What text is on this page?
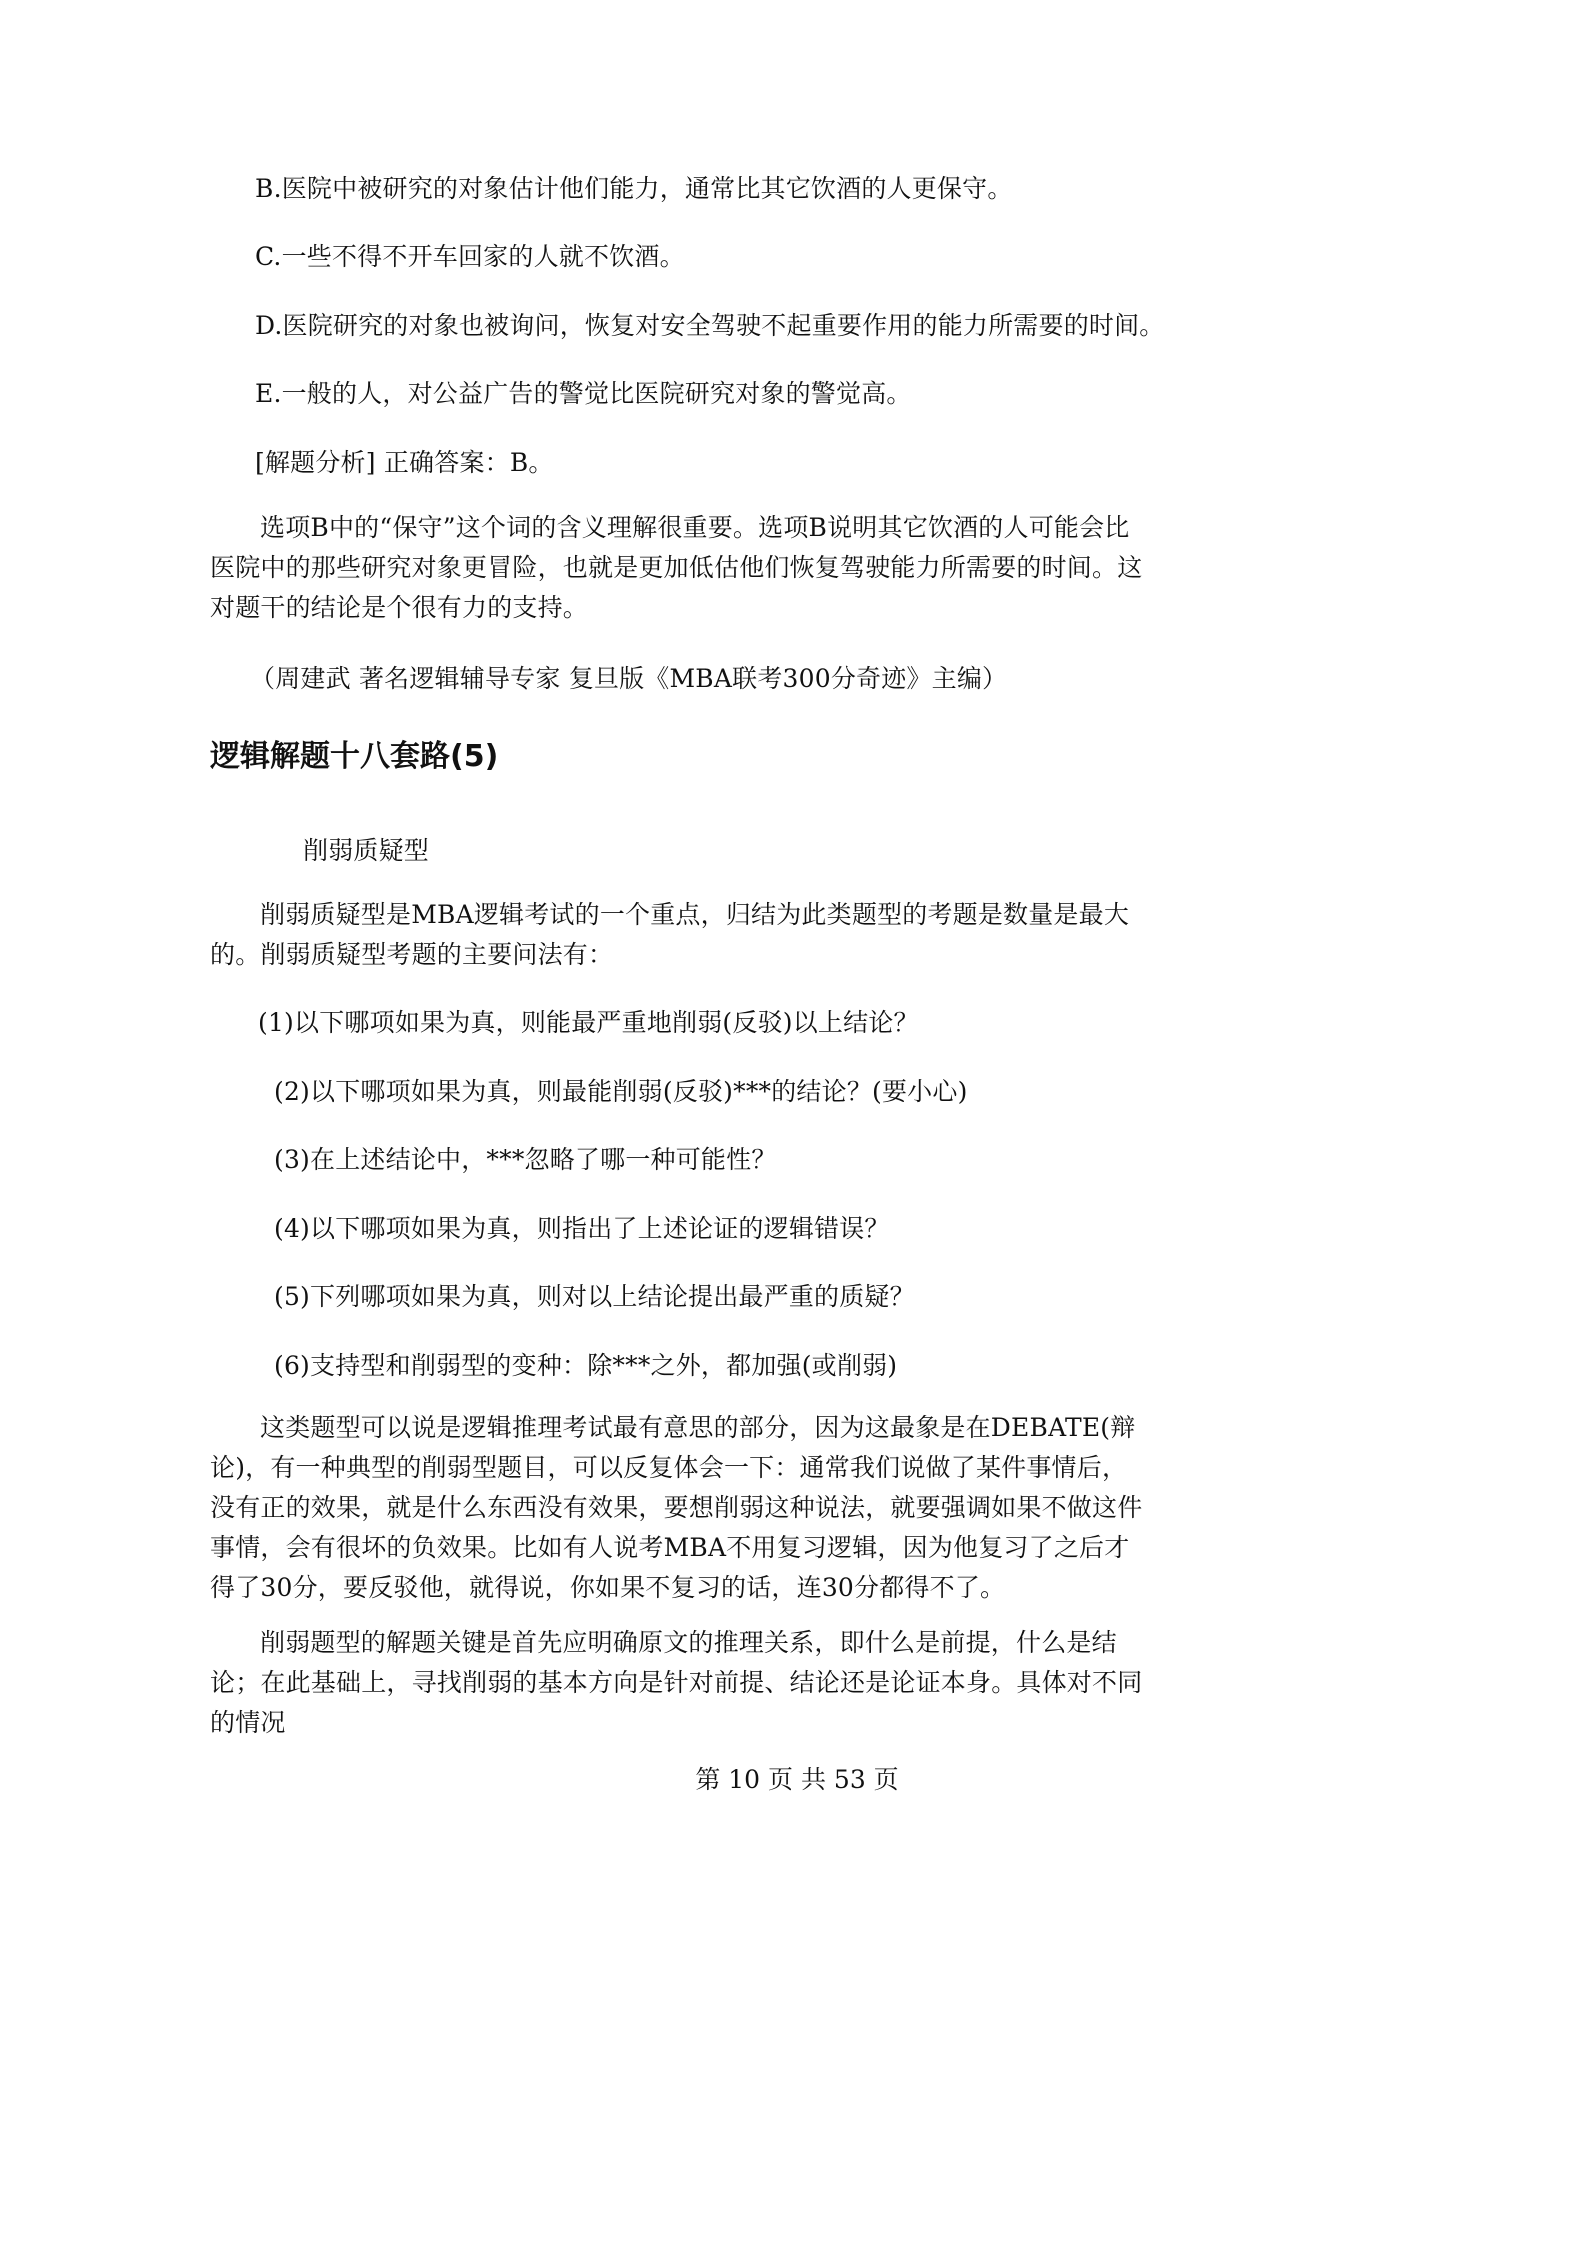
B.医院中被研究的对象估计他们能力，通常比其它饮酒的人更保守。
C.一些不得不开车回家的人就不饮酒。
D.医院研究的对象也被询问，恢复对安全驾驶不起重要作用的能力所需要的时间。
E.一般的人，对公益广告的警觉比医院研究对象的警觉高。
[解题分析] 正确答案：B。
选项B中的“保守”这个词的含义理解很重要。选项B说明其它饮酒的人可能会比医院中的那些研究对象更冒险，也就是更加低估他们恢复驾驶能力所需要的时间。这对题干的结论是个很有力的支持。
（周建武 著名逻辑辅导专家 复旦版《MBA联考300分奇迹》主编）
逻辑解题十八套路(5)
削弱质疑型
削弱质疑型是MBA逻辑考试的一个重点，归结为此类题型的考题是数量是最大的。削弱质疑型考题的主要问法有：
(1)以下哪项如果为真，则能最严重地削弱(反驳)以上结论？
(2)以下哪项如果为真，则最能削弱(反驳)***的结论？(要小心)
(3)在上述结论中，***忽略了哪一种可能性？
(4)以下哪项如果为真，则指出了上述论证的逻辑错误？
(5)下列哪项如果为真，则对以上结论提出最严重的质疑？
(6)支持型和削弱型的变种：除***之外，都加强(或削弱)
这类题型可以说是逻辑推理考试最有意思的部分，因为这最象是在DEBATE(辩论)，有一种典型的削弱型题目，可以反复体会一下：通常我们说做了某件事情后，没有正的效果，就是什么东西没有效果，要想削弱这种说法，就要强调如果不做这件事情，会有很坏的负效果。比如有人说考MBA不用复习逻辑，因为他复习了之后才得了30分，要反驳他，就得说，你如果不复习的话，连30分都得不了。
削弱题型的解题关键是首先应明确原文的推理关系，即什么是前提，什么是结论；在此基础上，寻找削弱的基本方向是针对前提、结论还是论证本身。具体对不同的情况
第 10 页 共 53 页
